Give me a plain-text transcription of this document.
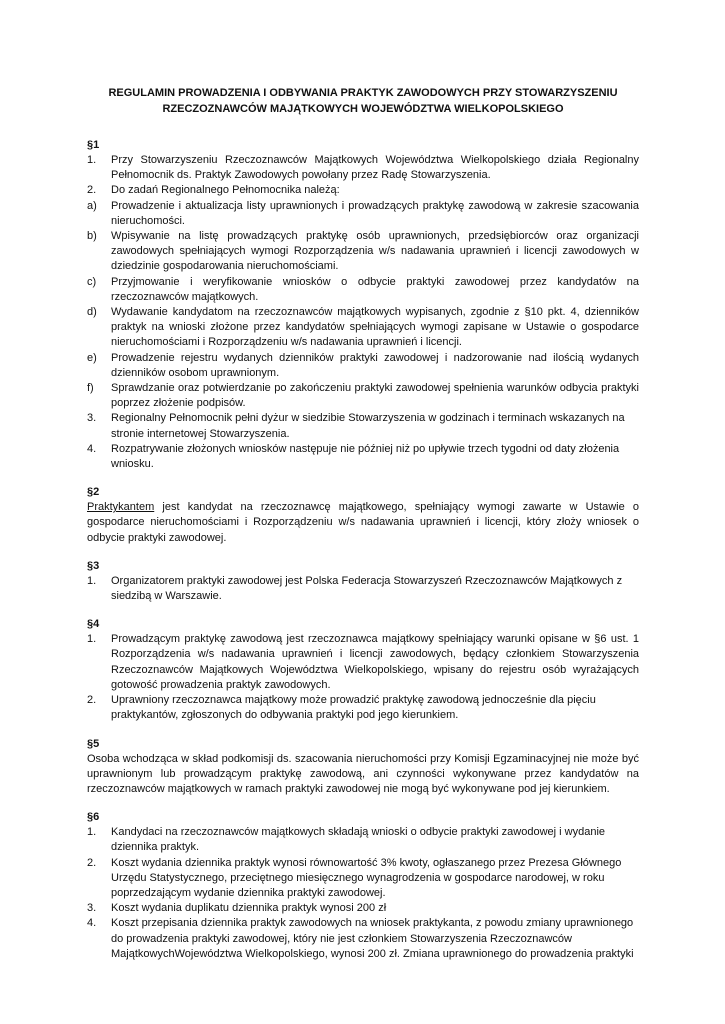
REGULAMIN PROWADZENIA I ODBYWANIA PRAKTYK ZAWODOWYCH PRZY STOWARZYSZENIU
RZECZOZNAWCÓW MAJĄTKOWYCH WOJEWÓDZTWA WIELKOPOLSKIEGO

§1

1.	Przy Stowarzyszeniu Rzeczoznawców Majątkowych Województwa Wielkopolskiego działa Regionalny Pełnomocnik ds. Praktyk Zawodowych powołany przez Radę Stowarzyszenia.
2.	Do zadań Regionalnego Pełnomocnika należą:
a)	Prowadzenie i aktualizacja listy uprawnionych i prowadzących praktykę zawodową w zakresie szacowania nieruchomości.
b)	Wpisywanie na listę prowadzących praktykę osób uprawnionych, przedsiębiorców oraz organizacji zawodowych spełniających wymogi Rozporządzenia w/s nadawania uprawnień i licencji zawodowych w dziedzinie gospodarowania nieruchomościami.
c)	Przyjmowanie i weryfikowanie wniosków o odbycie praktyki zawodowej przez kandydatów na rzeczoznawców majątkowych.
d)	Wydawanie kandydatom na rzeczoznawców majątkowych wypisanych, zgodnie z §10 pkt. 4, dzienników praktyk na wnioski złożone przez kandydatów spełniających wymogi zapisane w Ustawie o gospodarce nieruchomościami i Rozporządzeniu w/s nadawania uprawnień i licencji.
e)	Prowadzenie rejestru wydanych dzienników praktyki zawodowej i nadzorowanie nad ilością wydanych dzienników osobom uprawnionym.
f)	Sprawdzanie oraz potwierdzanie po zakończeniu praktyki zawodowej spełnienia warunków odbycia praktyki poprzez złożenie podpisów.
3.	Regionalny Pełnomocnik pełni dyżur w siedzibie Stowarzyszenia w godzinach i terminach wskazanych na stronie internetowej Stowarzyszenia.
4.	Rozpatrywanie złożonych wniosków następuje nie później niż po upływie trzech tygodni od daty złożenia wniosku.

§2

Praktykantem jest kandydat na rzeczoznawcę majątkowego, spełniający wymogi zawarte w Ustawie o gospodarce nieruchomościami i Rozporządzeniu w/s nadawania uprawnień i licencji, który złoży wniosek o odbycie praktyki zawodowej.

§3

1.	Organizatorem praktyki zawodowej jest Polska Federacja Stowarzyszeń Rzeczoznawców Majątkowych z siedzibą w Warszawie.

§4

1.	Prowadzącym praktykę zawodową jest rzeczoznawca majątkowy spełniający warunki opisane w §6 ust. 1 Rozporządzenia w/s nadawania uprawnień i licencji zawodowych, będący członkiem Stowarzyszenia Rzeczoznawców Majątkowych Województwa Wielkopolskiego, wpisany do rejestru osób wyrażających gotowość prowadzenia praktyk zawodowych.
2.	Uprawniony rzeczoznawca majątkowy może prowadzić praktykę zawodową jednocześnie dla pięciu praktykantów, zgłoszonych do odbywania praktyki pod jego kierunkiem.

§5

Osoba wchodząca w skład podkomisji ds. szacowania nieruchomości przy Komisji Egzaminacyjnej nie może być uprawnionym lub prowadzącym praktykę zawodową, ani czynności wykonywane przez kandydatów na rzeczoznawców majątkowych w ramach praktyki zawodowej nie mogą być wykonywane pod jej kierunkiem.

§6

1.	Kandydaci na rzeczoznawców majątkowych składają wnioski o odbycie praktyki zawodowej i wydanie dziennika praktyk.
2.	Koszt wydania dziennika praktyk wynosi równowartość 3% kwoty, ogłaszanego przez Prezesa Głównego Urzędu Statystycznego, przeciętnego miesięcznego wynagrodzenia w gospodarce narodowej, w roku poprzedzającym wydanie dziennika praktyki zawodowej.
3.	Koszt wydania duplikatu dziennika praktyk wynosi 200 zł
4.	Koszt przepisania dziennika praktyk zawodowych na wniosek praktykanta, z powodu zmiany uprawnionego do prowadzenia praktyki zawodowej, który nie jest członkiem Stowarzyszenia Rzeczoznawców MajątkowychWojewództwa Wielkopolskiego, wynosi 200 zł. Zmiana uprawnionego do prowadzenia praktyki
